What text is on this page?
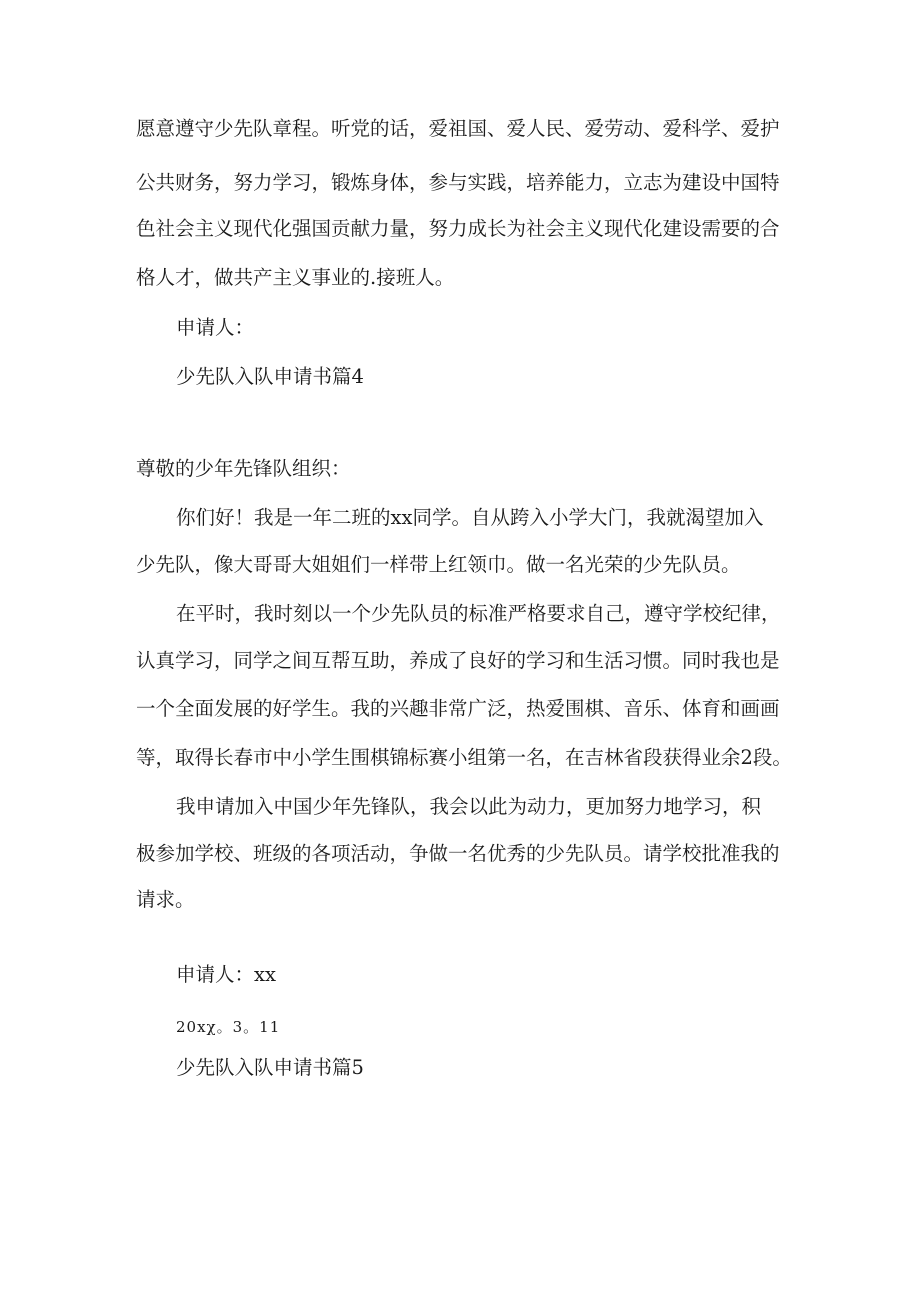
愿意遵守少先队章程。听党的话，爱祖国、爱人民、爱劳动、爱科学、爱护
公共财务，努力学习，锻炼身体，参与实践，培养能力，立志为建设中国特
色社会主义现代化强国贡献力量，努力成长为社会主义现代化建设需要的合
格人才，做共产主义事业的.接班人。
申请人：
少先队入队申请书篇4
尊敬的少年先锋队组织：
你们好！我是一年二班的xx同学。自从跨入小学大门，我就渴望加入
少先队，像大哥哥大姐姐们一样带上红领巾。做一名光荣的少先队员。
在平时，我时刻以一个少先队员的标准严格要求自己，遵守学校纪律，
认真学习，同学之间互帮互助，养成了良好的学习和生活习惯。同时我也是
一个全面发展的好学生。我的兴趣非常广泛，热爱围棋、音乐、体育和画画
等，取得长春市中小学生围棋锦标赛小组第一名，在吉林省段获得业余2段。
我申请加入中国少年先锋队，我会以此为动力，更加努力地学习，积
极参加学校、班级的各项活动，争做一名优秀的少先队员。请学校批准我的
请求。
申请人：xx
20xχ。3。11
少先队入队申请书篇5
